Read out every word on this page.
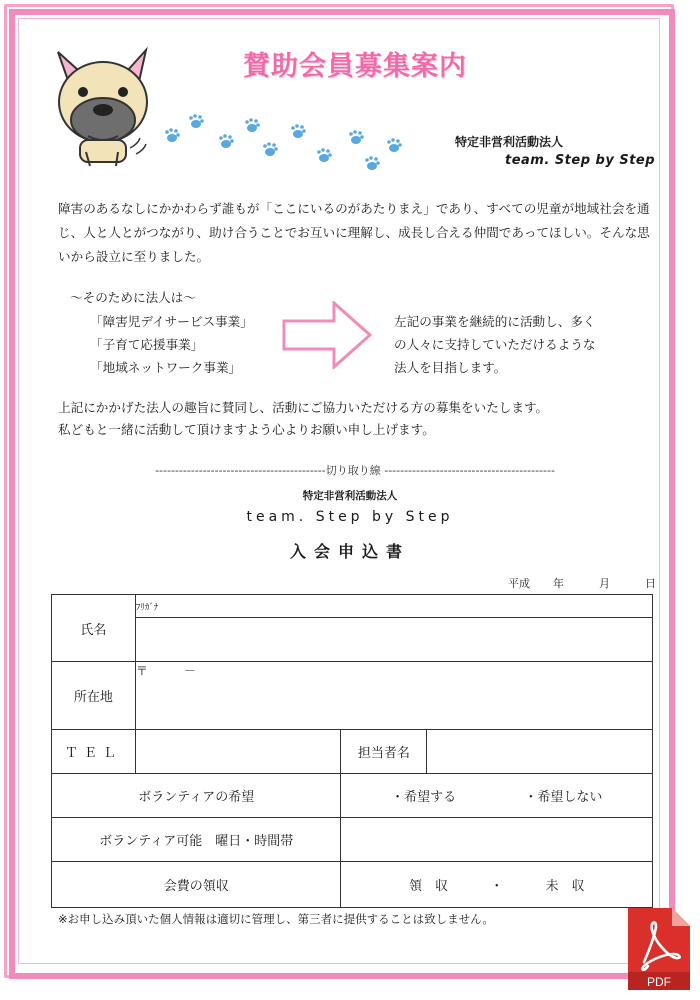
賛助会員募集案内
特定非営利活動法人
team. Step by Step
障害のあるなしにかかわらず誰もが「ここにいるのがあたりまえ」であり、すべての児童が地域社会を通じ、人と人とがつながり、助け合うことでお互いに理解し、成長し合える仲間であってほしい。そんな思いから設立に至りました。
～そのために法人は～
「障害児デイサービス事業」
「子育て応援事業」
「地域ネットワーク事業」
左記の事業を継続的に活動し、多く
の人々に支持していただけるような
法人を目指します。
上記にかかげた法人の趣旨に賛同し、活動にご協力いただける方の募集をいたします。
私どもと一緒に活動して頂けますよう心よりお願い申し上げます。
-------------------------------------------切り取り線 -------------------------------------------
特定非営利活動法人
team. Step by Step
入会申込書
平成 年	月	日
氏名	ﾌﾘｶﾞﾅ		

所在地	〒　　　－		
ＴＥＬ		担当者名	
ボランティアの希望		・希望する ・希望しない	
ボランティア可能　曜日・時間帯			
会費の領収		領　収 ・ 未　収	
※お申し込み頂いた個人情報は適切に管理し、第三者に提供することは致しません。
PDF
